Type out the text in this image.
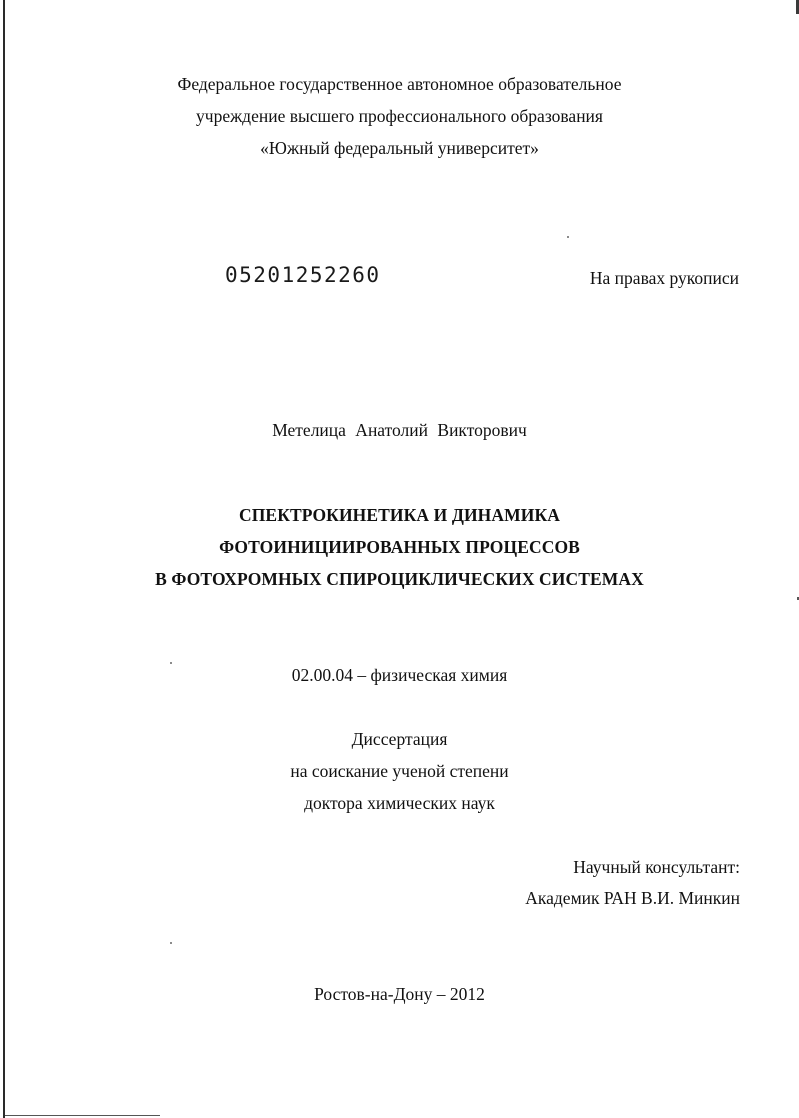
Федеральное государственное автономное образовательное
учреждение высшего профессионального образования
«Южный федеральный университет»
05201252260	На правах рукописи
Метелица Анатолий Викторович
СПЕКТРОКИНЕТИКА И ДИНАМИКА
ФОТОИНИЦИИРОВАННЫХ ПРОЦЕССОВ
В ФОТОХРОМНЫХ СПИРОЦИКЛИЧЕСКИХ СИСТЕМАХ
02.00.04 – физическая химия
Диссертация
на соискание ученой степени
доктора химических наук
Научный консультант:
Академик РАН В.И. Минкин
Ростов-на-Дону – 2012
